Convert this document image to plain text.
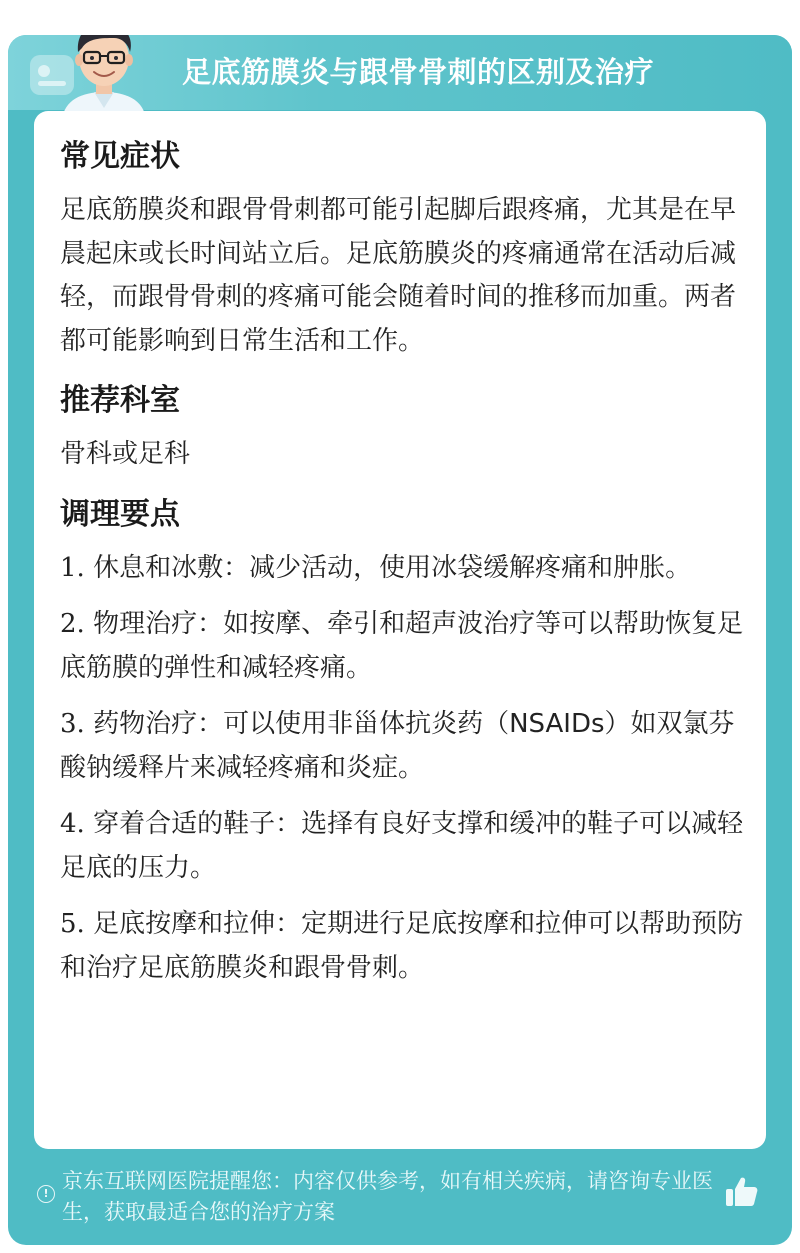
足底筋膜炎与跟骨骨刺的区别及治疗
常见症状

足底筋膜炎和跟骨骨刺都可能引起脚后跟疼痛，尤其是在早晨起床或长时间站立后。足底筋膜炎的疼痛通常在活动后减轻，而跟骨骨刺的疼痛可能会随着时间的推移而加重。两者都可能影响到日常生活和工作。

推荐科室

骨科或足科

调理要点

1. 休息和冰敷：减少活动，使用冰袋缓解疼痛和肿胀。

2. 物理治疗：如按摩、牵引和超声波治疗等可以帮助恢复足底筋膜的弹性和减轻疼痛。

3. 药物治疗：可以使用非甾体抗炎药（NSAIDs）如双氯芬酸钠缓释片来减轻疼痛和炎症。

4. 穿着合适的鞋子：选择有良好支撑和缓冲的鞋子可以减轻足底的压力。

5. 足底按摩和拉伸：定期进行足底按摩和拉伸可以帮助预防和治疗足底筋膜炎和跟骨骨刺。

!
京东互联网医院提醒您：内容仅供参考，如有相关疾病，请咨询专业医生，获取最适合您的治疗方案
